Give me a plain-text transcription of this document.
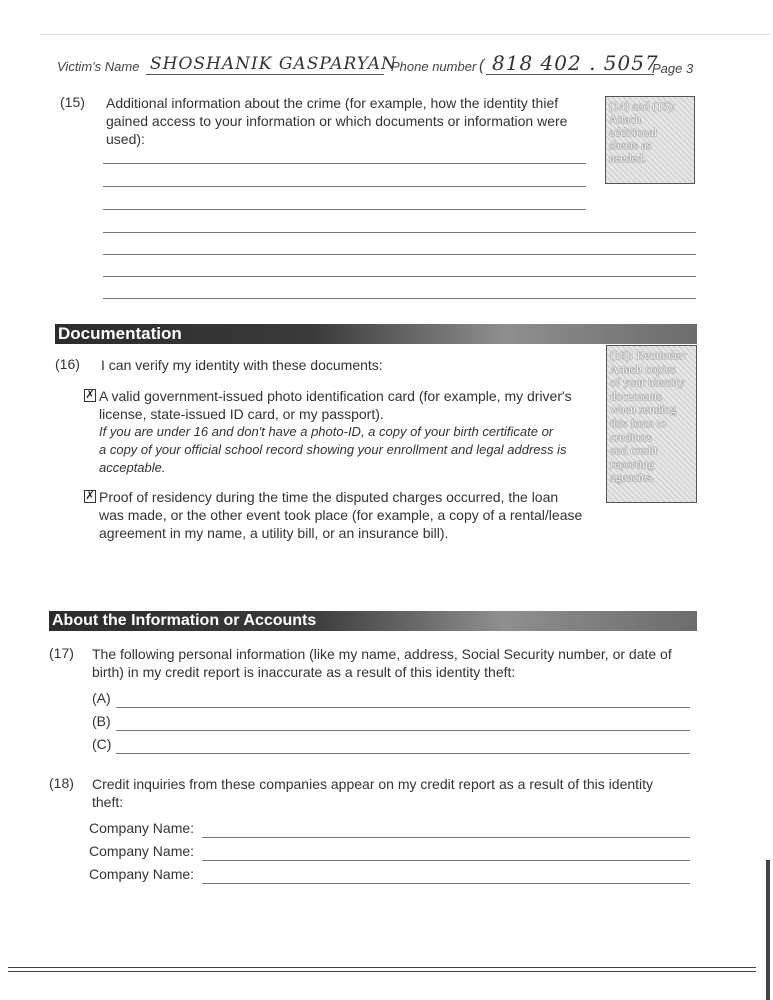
Victim's Name SHOSHANIK GASPARYAN
Phone number ( 818 402 . 5057
Page 3
(15) Additional information about the crime (for example, how the identity thief
gained access to your information or which documents or information were
used):
(14) and (15):
Attach
additional
sheets as
needed.
Documentation
(16) I can verify my identity with these documents:
(16): Reminder:
Attach copies
of your identity
documents
when sending
this form to
creditors
and credit
reporting
agencies.
✗ A valid government-issued photo identification card (for example, my driver's
license, state-issued ID card, or my passport).
If you are under 16 and don't have a photo-ID, a copy of your birth certificate or
a copy of your official school record showing your enrollment and legal address is
acceptable.
✗ Proof of residency during the time the disputed charges occurred, the loan
was made, or the other event took place (for example, a copy of a rental/lease
agreement in my name, a utility bill, or an insurance bill).
About the Information or Accounts
(17) The following personal information (like my name, address, Social Security number, or date of
birth) in my credit report is inaccurate as a result of this identity theft:
(A)
(B)
(C)
(18) Credit inquiries from these companies appear on my credit report as a result of this identity
theft:
Company Name:
Company Name:
Company Name:
